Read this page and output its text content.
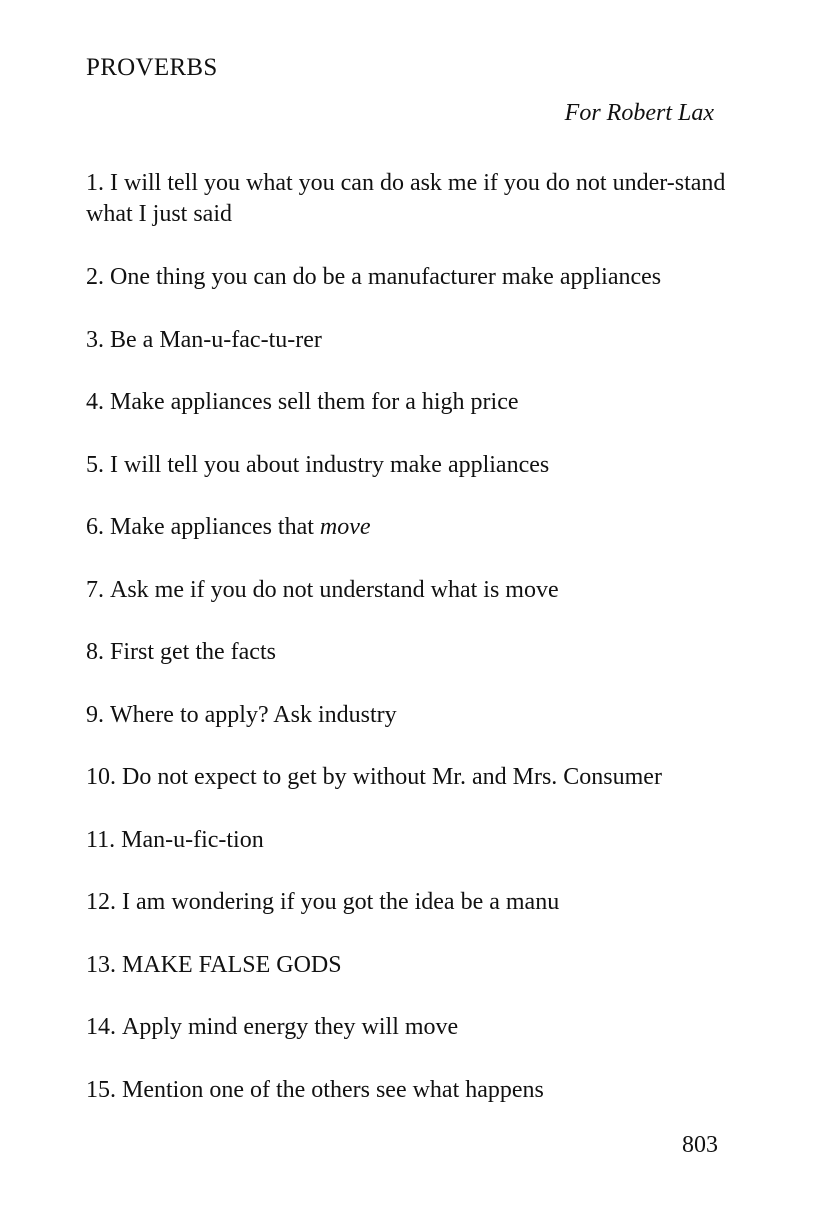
PROVERBS
For Robert Lax
1. I will tell you what you can do ask me if you do not under-stand what I just said
2. One thing you can do be a manufacturer make appliances
3. Be a Man-u-fac-tu-rer
4. Make appliances sell them for a high price
5. I will tell you about industry make appliances
6. Make appliances that move
7. Ask me if you do not understand what is move
8. First get the facts
9. Where to apply? Ask industry
10. Do not expect to get by without Mr. and Mrs. Consumer
11. Man-u-fic-tion
12. I am wondering if you got the idea be a manu
13. MAKE FALSE GODS
14. Apply mind energy they will move
15. Mention one of the others see what happens
803
